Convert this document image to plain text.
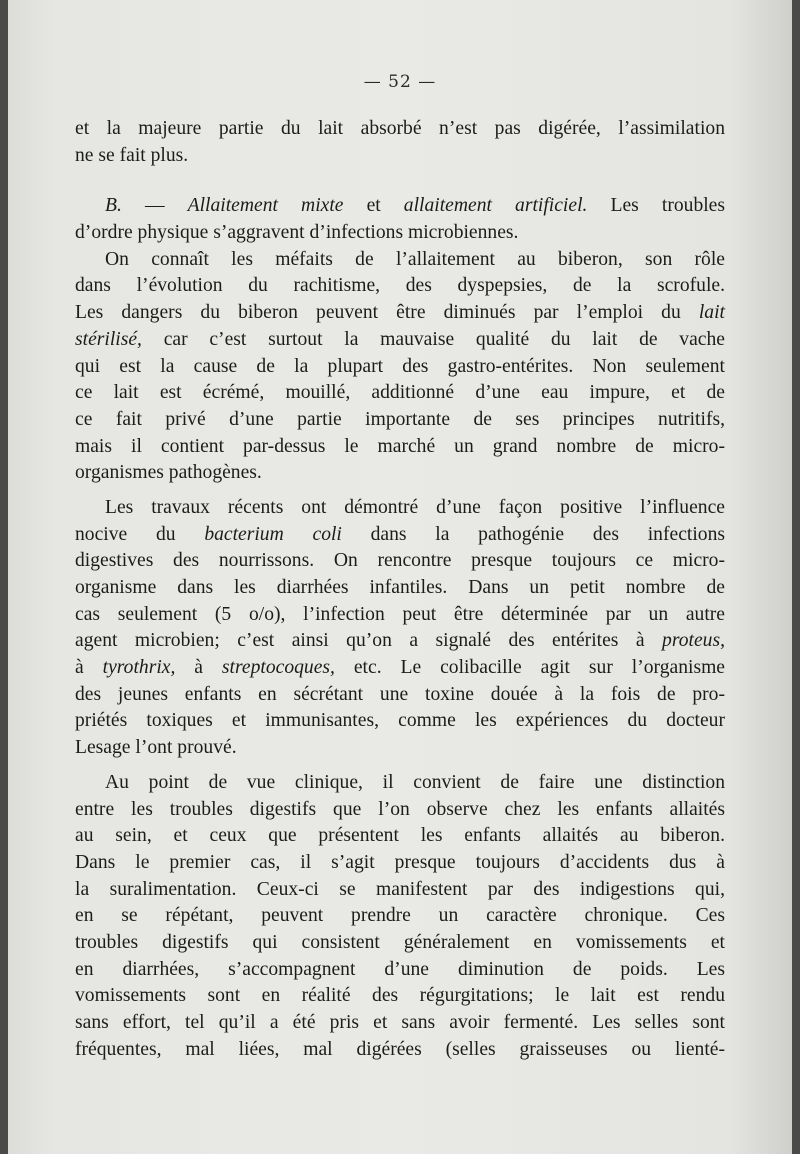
— 52 —
et la majeure partie du lait absorbé n’est pas digérée, l’assimilation
ne se fait plus.
B. — Allaitement mixte et allaitement artificiel. Les troubles
d’ordre physique s’aggravent d’infections microbiennes.
On connaît les méfaits de l’allaitement au biberon, son rôle
dans l’évolution du rachitisme, des dyspepsies, de la scrofule.
Les dangers du biberon peuvent être diminués par l’emploi du lait
stérilisé, car c’est surtout la mauvaise qualité du lait de vache
qui est la cause de la plupart des gastro-entérites. Non seulement
ce lait est écrémé, mouillé, additionné d’une eau impure, et de
ce fait privé d’une partie importante de ses principes nutritifs,
mais il contient par-dessus le marché un grand nombre de micro-
organismes pathogènes.
Les travaux récents ont démontré d’une façon positive l’influence
nocive du bacterium coli dans la pathogénie des infections
digestives des nourrissons. On rencontre presque toujours ce micro-
organisme dans les diarrhées infantiles. Dans un petit nombre de
cas seulement (5 o/o), l’infection peut être déterminée par un autre
agent microbien; c’est ainsi qu’on a signalé des entérites à proteus,
à tyrothrix, à streptocoques, etc. Le colibacille agit sur l’organisme
des jeunes enfants en sécrétant une toxine douée à la fois de pro-
priétés toxiques et immunisantes, comme les expériences du docteur
Lesage l’ont prouvé.
Au point de vue clinique, il convient de faire une distinction
entre les troubles digestifs que l’on observe chez les enfants allaités
au sein, et ceux que présentent les enfants allaités au biberon.
Dans le premier cas, il s’agit presque toujours d’accidents dus à
la suralimentation. Ceux-ci se manifestent par des indigestions qui,
en se répétant, peuvent prendre un caractère chronique. Ces
troubles digestifs qui consistent généralement en vomissements et
en diarrhées, s’accompagnent d’une diminution de poids. Les
vomissements sont en réalité des régurgitations; le lait est rendu
sans effort, tel qu’il a été pris et sans avoir fermenté. Les selles sont
fréquentes, mal liées, mal digérées (selles graisseuses ou lienté-
